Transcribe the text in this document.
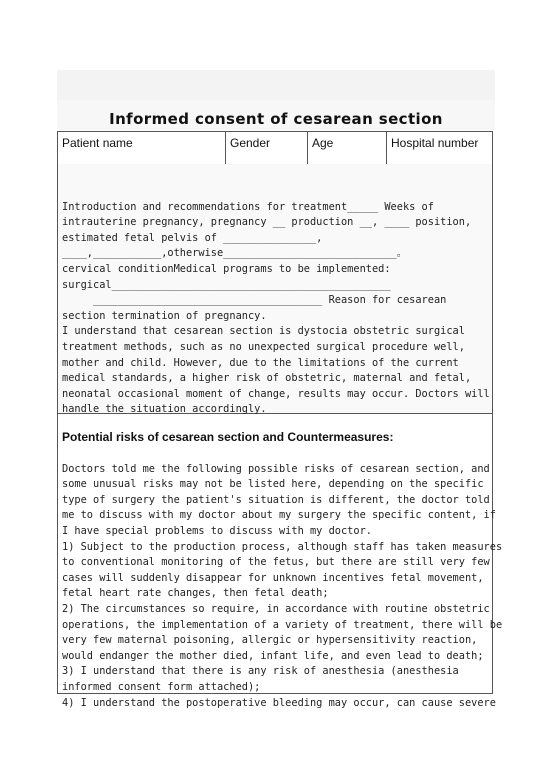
Informed consent of cesarean section
Patient name	Gender	Age	Hospital number

Introduction and recommendations for treatment_____ Weeks of
intrauterine pregnancy, pregnancy __ production __, ____ position,
estimated fetal pelvis of _______________,
____,___________,otherwise____________________________。
cervical conditionMedical programs to be implemented:
surgical_____________________________________________
_____________________________________ Reason for cesarean
section termination of pregnancy.
I understand that cesarean section is dystocia obstetric surgical
treatment methods, such as no unexpected surgical procedure well,
mother and child. However, due to the limitations of the current
medical standards, a higher risk of obstetric, maternal and fetal,
neonatal occasional moment of change, results may occur. Doctors will
handle the situation accordingly.
Potential risks of cesarean section and Countermeasures:

Doctors told me the following possible risks of cesarean section, and
some unusual risks may not be listed here, depending on the specific
type of surgery the patient's situation is different, the doctor told
me to discuss with my doctor about my surgery the specific content, if
I have special problems to discuss with my doctor.
1) Subject to the production process, although staff has taken measures
to conventional monitoring of the fetus, but there are still very few
cases will suddenly disappear for unknown incentives fetal movement,
fetal heart rate changes, then fetal death;
2) The circumstances so require, in accordance with routine obstetric
operations, the implementation of a variety of treatment, there will be
very few maternal poisoning, allergic or hypersensitivity reaction,
would endanger the mother died, infant life, and even lead to death;
3) I understand that there is any risk of anesthesia (anesthesia
informed consent form attached);
4) I understand the postoperative bleeding may occur, can cause severe
